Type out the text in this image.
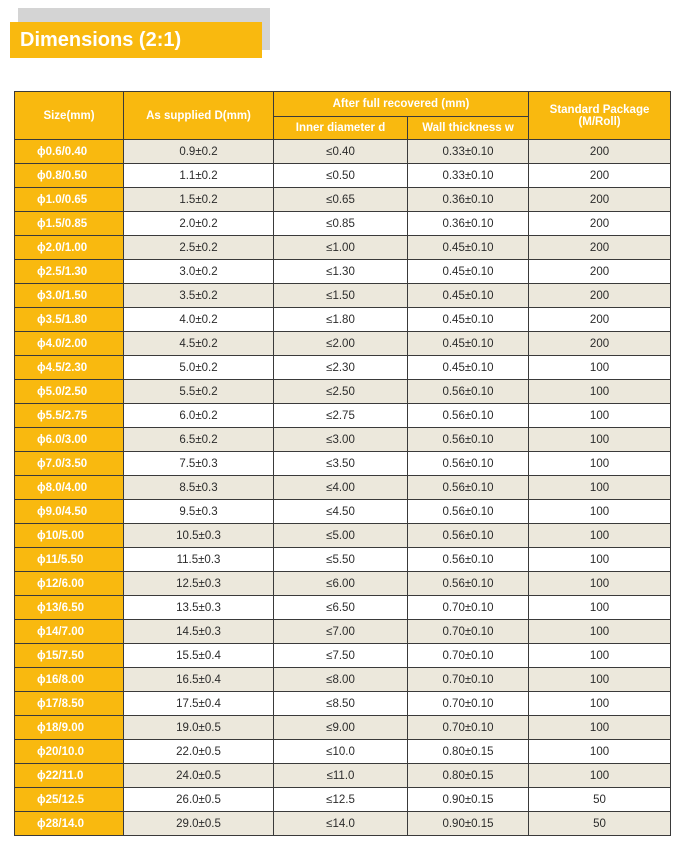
Dimensions (2:1)
Size(mm)	As supplied D(mm)	After full recovered (mm)		Standard Package (M/Roll)
		Inner diameter d	Wall thickness w	
ϕ0.6/0.40	0.9±0.2	≤0.40	0.33±0.10	200
ϕ0.8/0.50	1.1±0.2	≤0.50	0.33±0.10	200
ϕ1.0/0.65	1.5±0.2	≤0.65	0.36±0.10	200
ϕ1.5/0.85	2.0±0.2	≤0.85	0.36±0.10	200
ϕ2.0/1.00	2.5±0.2	≤1.00	0.45±0.10	200
ϕ2.5/1.30	3.0±0.2	≤1.30	0.45±0.10	200
ϕ3.0/1.50	3.5±0.2	≤1.50	0.45±0.10	200
ϕ3.5/1.80	4.0±0.2	≤1.80	0.45±0.10	200
ϕ4.0/2.00	4.5±0.2	≤2.00	0.45±0.10	200
ϕ4.5/2.30	5.0±0.2	≤2.30	0.45±0.10	100
ϕ5.0/2.50	5.5±0.2	≤2.50	0.56±0.10	100
ϕ5.5/2.75	6.0±0.2	≤2.75	0.56±0.10	100
ϕ6.0/3.00	6.5±0.2	≤3.00	0.56±0.10	100
ϕ7.0/3.50	7.5±0.3	≤3.50	0.56±0.10	100
ϕ8.0/4.00	8.5±0.3	≤4.00	0.56±0.10	100
ϕ9.0/4.50	9.5±0.3	≤4.50	0.56±0.10	100
ϕ10/5.00	10.5±0.3	≤5.00	0.56±0.10	100
ϕ11/5.50	11.5±0.3	≤5.50	0.56±0.10	100
ϕ12/6.00	12.5±0.3	≤6.00	0.56±0.10	100
ϕ13/6.50	13.5±0.3	≤6.50	0.70±0.10	100
ϕ14/7.00	14.5±0.3	≤7.00	0.70±0.10	100
ϕ15/7.50	15.5±0.4	≤7.50	0.70±0.10	100
ϕ16/8.00	16.5±0.4	≤8.00	0.70±0.10	100
ϕ17/8.50	17.5±0.4	≤8.50	0.70±0.10	100
ϕ18/9.00	19.0±0.5	≤9.00	0.70±0.10	100
ϕ20/10.0	22.0±0.5	≤10.0	0.80±0.15	100
ϕ22/11.0	24.0±0.5	≤11.0	0.80±0.15	100
ϕ25/12.5	26.0±0.5	≤12.5	0.90±0.15	50
ϕ28/14.0	29.0±0.5	≤14.0	0.90±0.15	50
